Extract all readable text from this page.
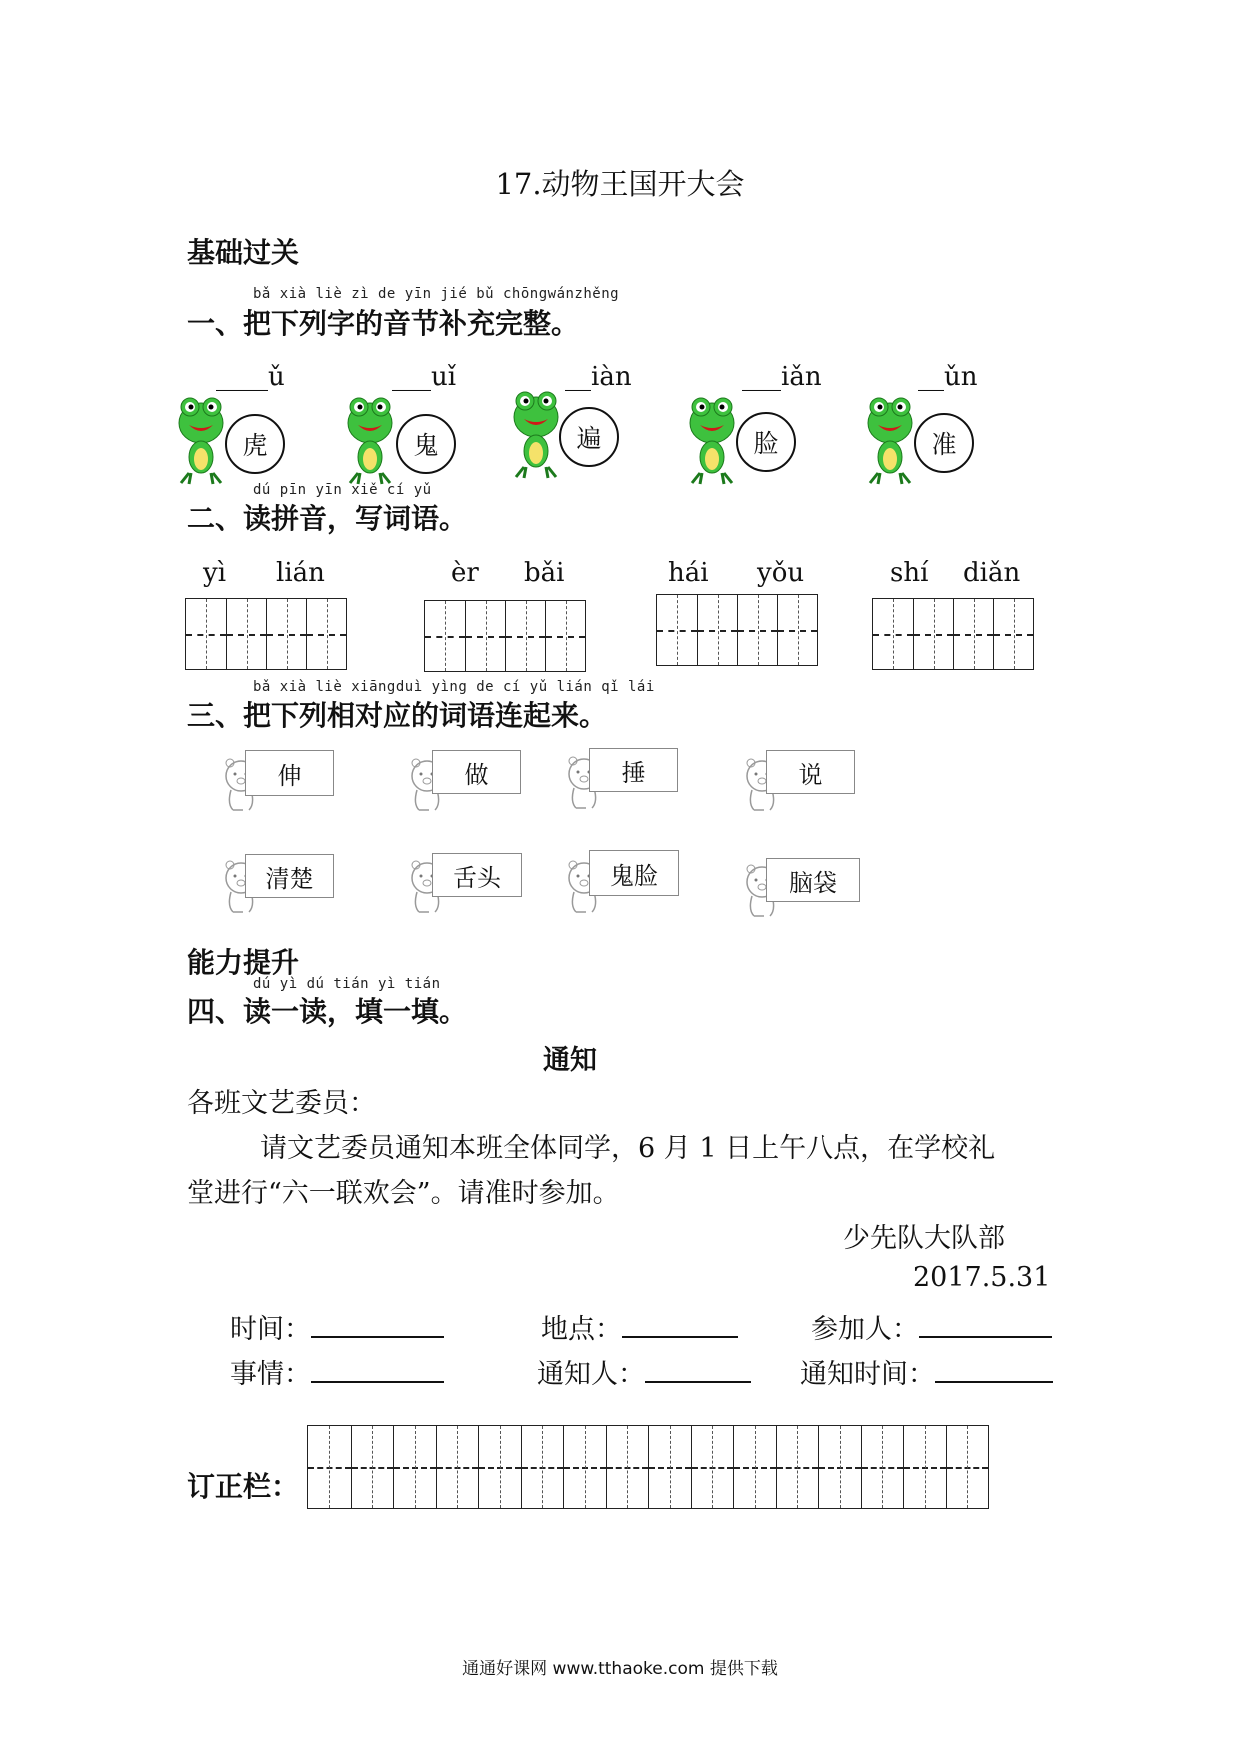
17.动物王国开大会
基础过关
bǎ xià liè zì de yīn jié bǔ chōngwánzhěng
一、把下列字的音节补充完整。
____ǔ	___uǐ	__iàn	___iǎn	__ǔn
虎	鬼	遍	脸	准
dú pīn yīn xiě cí yǔ
二、读拼音，写词语。
yì lián	èr bǎi	hái yǒu	shí diǎn
bǎ xià liè xiāngduì yìng de cí yǔ lián qǐ lái
三、把下列相对应的词语连起来。
伸	做	捶	说
清楚	舌头	鬼脸	脑袋
能力提升
dú yì dú tián yì tián
四、读一读，填一填。
通知
各班文艺委员：
请文艺委员通知本班全体同学，6 月 1 日上午八点，在学校礼
堂进行“六一联欢会”。请准时参加。
少先队大队部
2017.5.31
时间：	地点：	参加人：
事情：	通知人：	通知时间：
订正栏：
通通好课网 www.tthaoke.com 提供下载
